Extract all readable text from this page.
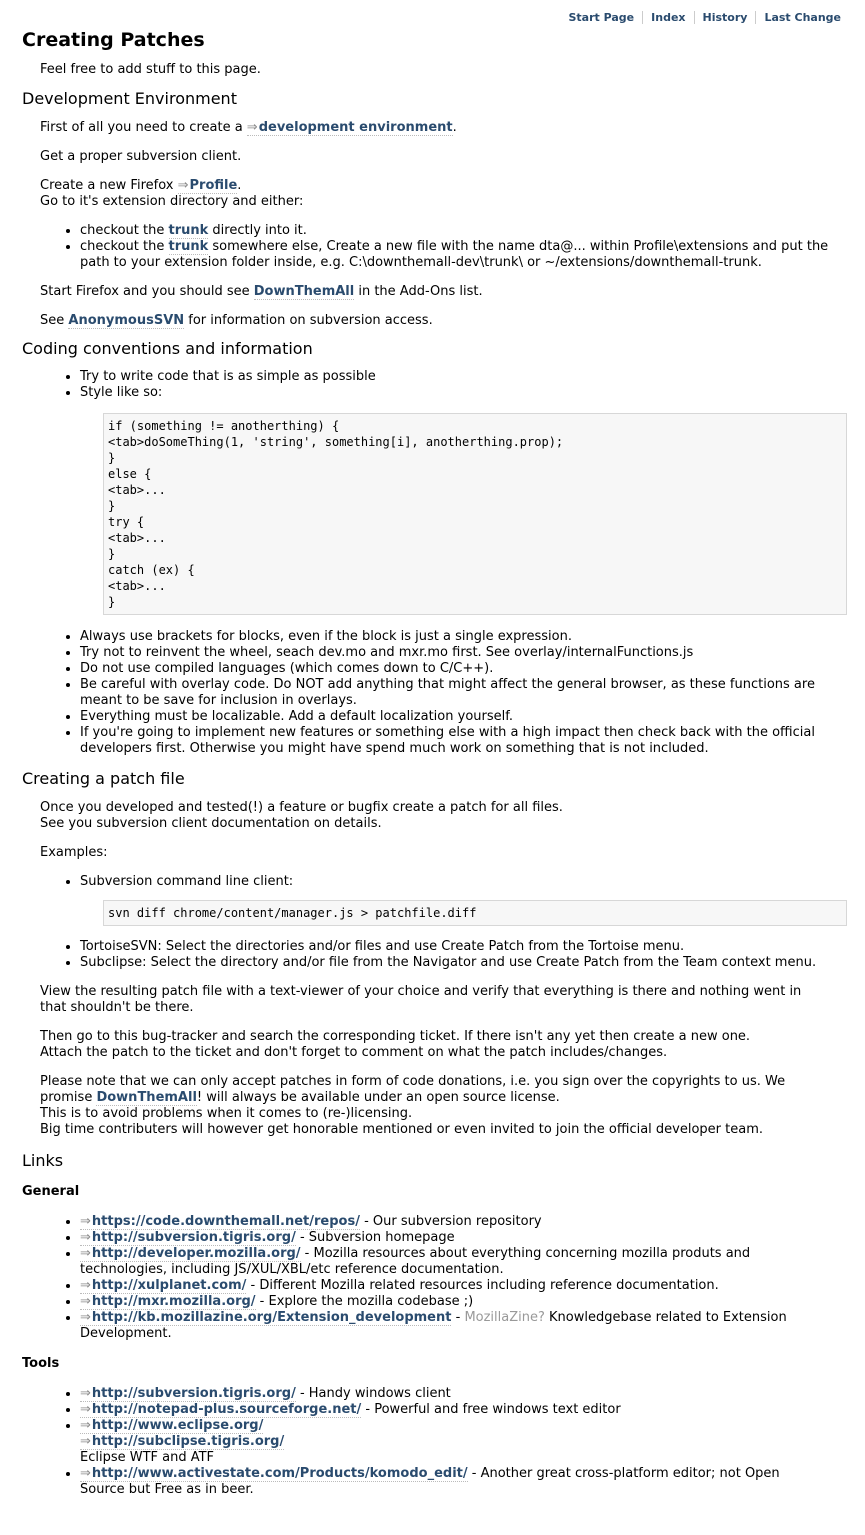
Start Page Index History Last Change
Creating Patches

Feel free to add stuff to this page.

Development Environment

First of all you need to create a ⇒development environment.

Get a proper subversion client.

Create a new Firefox ⇒Profile.
Go to it's extension directory and either:

• checkout the trunk directly into it.
• checkout the trunk somewhere else, Create a new file with the name dta@... within Profile\extensions and put the
path to your extension folder inside, e.g. C:\downthemall-dev\trunk\ or ~/extensions/downthemall-trunk.

Start Firefox and you should see DownThemAll in the Add-Ons list.

See AnonymousSVN for information on subversion access.

Coding conventions and information
• Try to write code that is as simple as possible
• Style like so:
if (something != anotherthing) {
<tab>doSomeThing(1, 'string', something[i], anotherthing.prop);
}
else {
<tab>...
}
try {
<tab>...
}
catch (ex) {
<tab>...
}
• Always use brackets for blocks, even if the block is just a single expression.
• Try not to reinvent the wheel, seach dev.mo and mxr.mo first. See overlay/internalFunctions.js
• Do not use compiled languages (which comes down to C/C++).
• Be careful with overlay code. Do NOT add anything that might affect the general browser, as these functions are
meant to be save for inclusion in overlays.
• Everything must be localizable. Add a default localization yourself.
• If you're going to implement new features or something else with a high impact then check back with the official
developers first. Otherwise you might have spend much work on something that is not included.
Creating a patch file

Once you developed and tested(!) a feature or bugfix create a patch for all files.
See you subversion client documentation on details.

Examples:

• Subversion command line client:
svn diff chrome/content/manager.js > patchfile.diff
• TortoiseSVN: Select the directories and/or files and use Create Patch from the Tortoise menu.
• Subclipse: Select the directory and/or file from the Navigator and use Create Patch from the Team context menu.

View the resulting patch file with a text-viewer of your choice and verify that everything is there and nothing went in
that shouldn't be there.

Then go to this bug-tracker and search the corresponding ticket. If there isn't any yet then create a new one.
Attach the patch to the ticket and don't forget to comment on what the patch includes/changes.

Please note that we can only accept patches in form of code donations, i.e. you sign over the copyrights to us. We
promise DownThemAll! will always be available under an open source license.
This is to avoid problems when it comes to (re-)licensing.
Big time contributers will however get honorable mentioned or even invited to join the official developer team.

Links
General
• ⇒https://code.downthemall.net/repos/ - Our subversion repository
• ⇒http://subversion.tigris.org/ - Subversion homepage
• ⇒http://developer.mozilla.org/ - Mozilla resources about everything concerning mozilla produts and
technologies, including JS/XUL/XBL/etc reference documentation.
• ⇒http://xulplanet.com/ - Different Mozilla related resources including reference documentation.
• ⇒http://mxr.mozilla.org/ - Explore the mozilla codebase ;)
• ⇒http://kb.mozillazine.org/Extension_development - MozillaZine? Knowledgebase related to Extension
Development.
Tools
• ⇒http://subversion.tigris.org/ - Handy windows client
• ⇒http://notepad-plus.sourceforge.net/ - Powerful and free windows text editor
• ⇒http://www.eclipse.org/
⇒http://subclipse.tigris.org/
Eclipse WTF and ATF
• ⇒http://www.activestate.com/Products/komodo_edit/ - Another great cross-platform editor; not Open
Source but Free as in beer.
